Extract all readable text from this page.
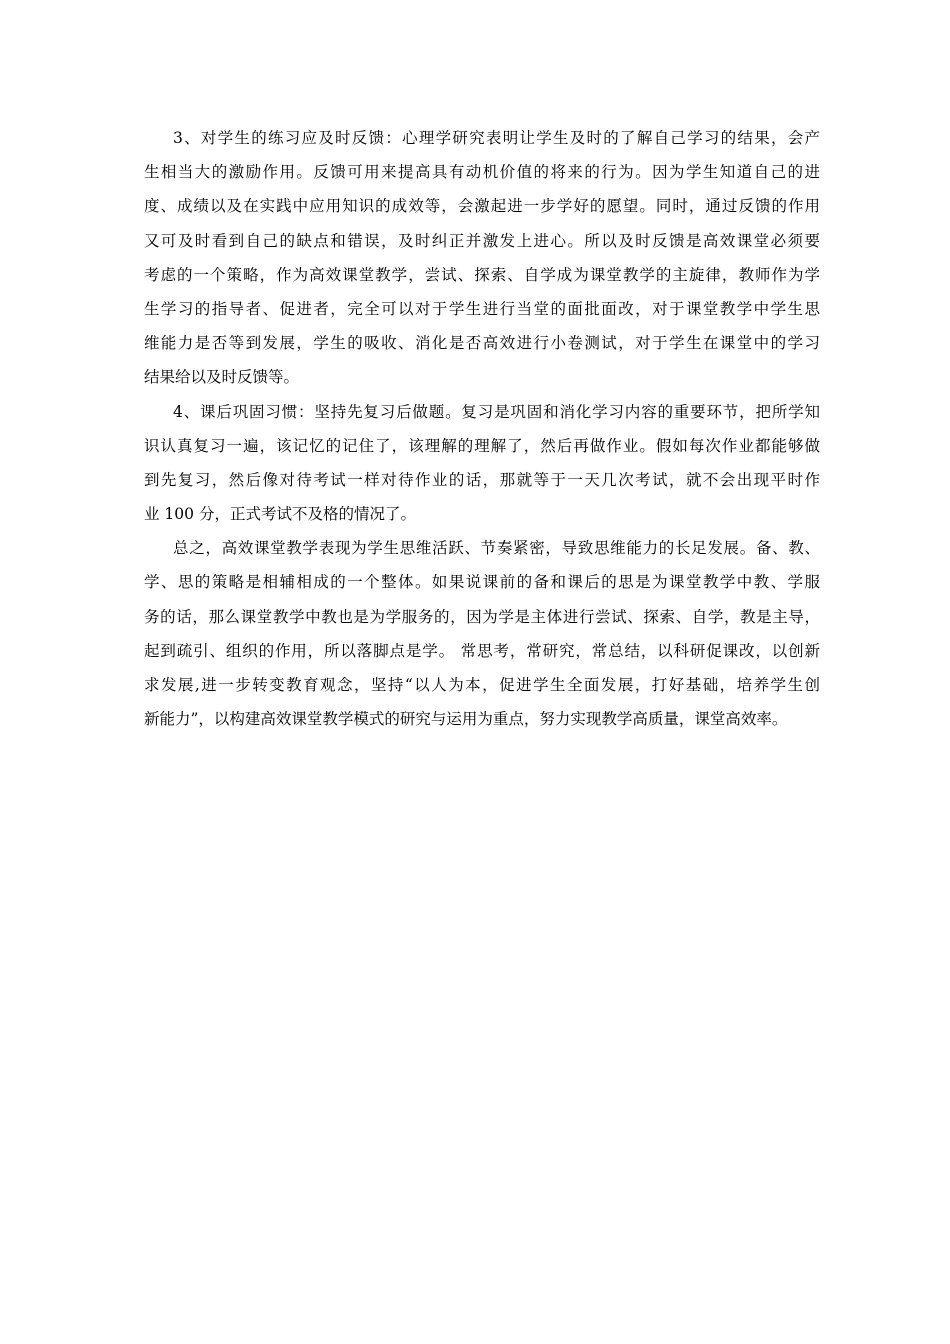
3、对学生的练习应及时反馈：心理学研究表明让学生及时的了解自己学习的结果，会产
生相当大的激励作用。反馈可用来提高具有动机价值的将来的行为。因为学生知道自己的进
度、成绩以及在实践中应用知识的成效等，会激起进一步学好的愿望。同时，通过反馈的作用
又可及时看到自己的缺点和错误，及时纠正并激发上进心。所以及时反馈是高效课堂必须要
考虑的一个策略，作为高效课堂教学，尝试、探索、自学成为课堂教学的主旋律，教师作为学
生学习的指导者、促进者，完全可以对于学生进行当堂的面批面改，对于课堂教学中学生思
维能力是否等到发展，学生的吸收、消化是否高效进行小卷测试，对于学生在课堂中的学习
结果给以及时反馈等。
4、课后巩固习惯：坚持先复习后做题。复习是巩固和消化学习内容的重要环节，把所学知
识认真复习一遍，该记忆的记住了，该理解的理解了，然后再做作业。假如每次作业都能够做
到先复习，然后像对待考试一样对待作业的话，那就等于一天几次考试，就不会出现平时作
业 100 分，正式考试不及格的情况了。
总之，高效课堂教学表现为学生思维活跃、节奏紧密，导致思维能力的长足发展。备、教、
学、思的策略是相辅相成的一个整体。如果说课前的备和课后的思是为课堂教学中教、学服
务的话，那么课堂教学中教也是为学服务的，因为学是主体进行尝试、探索、自学，教是主导，
起到疏引、组织的作用，所以落脚点是学。 常思考，常研究，常总结，以科研促课改，以创新
求发展,进一步转变教育观念，坚持“以人为本，促进学生全面发展，打好基础，培养学生创
新能力”，以构建高效课堂教学模式的研究与运用为重点，努力实现教学高质量，课堂高效率。
